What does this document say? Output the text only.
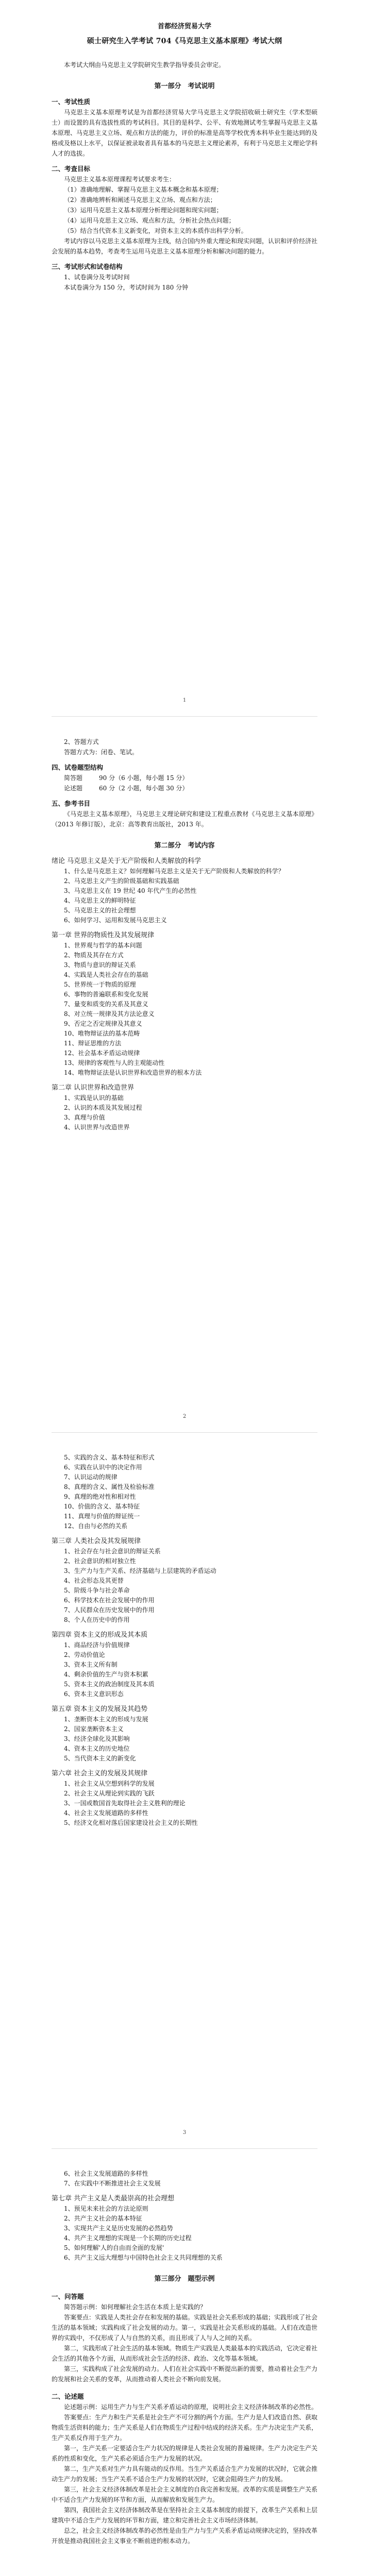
首都经济贸易大学
硕士研究生入学考试 704《马克思主义基本原理》考试大纲
本考试大纲由马克思主义学院研究生教学指导委员会审定。
第一部分　考试说明
一、考试性质
马克思主义基本原理考试是为首都经济贸易大学马克思主义学院招收硕士研究生（学术型硕士）而设置的具有选拔性质的考试科目。其目的是科学、公平、有效地测试考生掌握马克思主义基本原理、马克思主义立场、观点和方法的能力，评价的标准是高等学校优秀本科毕业生能达到的及格或及格以上水平，以保证被录取者具有基本的马克思主义理论素养，有利于马克思主义理论学科人才的选拔。
二、考查目标
马克思主义基本原理课程考试要求考生：
（1）准确地理解、掌握马克思主义基本概念和基本原理；
（2）准确地辨析和阐述马克思主义立场、观点和方法；
（3）运用马克思主义基本原理分析理论问题和现实问题；
（4）运用马克思主义立场、观点和方法，分析社会热点问题；
（5）结合当代资本主义新变化，对资本主义的本质作出科学分析。
考试内容以马克思主义基本原理为主线，结合国内外重大理论和现实问题，认识和评价经济社会发展的基本趋势，考查考生运用马克思主义基本原理分析和解决问题的能力。
三、考试形式和试卷结构
1、试卷满分及考试时间
本试卷满分为 150 分，考试时间为 180 分钟
1
2、答题方式
答题方式为：闭卷、笔试。
四、试卷题型结构
简答题	90 分（6 小题，每小题 15 分）
论述题	60 分（2 小题，每小题 30 分）
五、参考书目
《马克思主义基本原理》，马克思主义理论研究和建设工程重点教材《马克思主义基本原理》（2013 年修订版），北京：高等教育出版社，2013 年。
第二部分　考试内容
绪论 马克思主义是关于无产阶级和人类解放的科学
1、什么是马克思主义？如何理解马克思主义是关于无产阶级和人类解放的科学？
2、马克思主义产生的阶级基础和实践基础
3、马克思主义在 19 世纪 40 年代产生的必然性
4、马克思主义的鲜明特征
5、马克思主义的社会理想
6、如何学习、运用和发展马克思主义
第一章 世界的物质性及其发展规律
1、世界观与哲学的基本问题
2、物质及其存在方式
3、物质与意识的辩证关系
4、实践是人类社会存在的基础
5、世界统一于物质的原理
6、事物的普遍联系和变化发展
7、量变和质变的关系及其意义
8、对立统一规律及其方法论意义
9、否定之否定规律及其意义
10、唯物辩证法的基本范畴
11、辩证思维的方法
12、社会基本矛盾运动规律
13、规律的客观性与人的主观能动性
14、唯物辩证法是认识世界和改造世界的根本方法
第二章 认识世界和改造世界
1、实践是认识的基础
2、认识的本质及其发展过程
3、真理与价值
4、认识世界与改造世界
2
5、实践的含义、基本特征和形式
6、实践在认识中的决定作用
7、认识运动的规律
8、真理的含义、属性及检验标准
9、真理的绝对性和相对性
10、价值的含义、基本特征
11、真理与价值的辩证统一
12、自由与必然的关系
第三章 人类社会及其发展规律
1、社会存在与社会意识的辩证关系
2、社会意识的相对独立性
3、生产力与生产关系、经济基础与上层建筑的矛盾运动
4、社会形态及其更替
5、阶级斗争与社会革命
6、科学技术在社会发展中的作用
7、人民群众在历史发展中的作用
8、个人在历史中的作用
第四章 资本主义的形成及其本质
1、商品经济与价值规律
2、劳动价值论
3、资本主义所有制
4、剩余价值的生产与资本积累
5、资本主义的政治制度及其本质
6、资本主义意识形态
第五章 资本主义的发展及其趋势
1、垄断资本主义的形成与发展
2、国家垄断资本主义
3、经济全球化及其影响
4、资本主义的历史地位
5、当代资本主义的新变化
第六章 社会主义的发展及其规律
1、社会主义从空想到科学的发展
2、社会主义从理论到实践的飞跃
3、一国或数国首先取得社会主义胜利的理论
4、社会主义发展道路的多样性
5、经济文化相对落后国家建设社会主义的长期性
3
6、社会主义发展道路的多样性
7、在实践中不断推进社会主义发展
第七章 共产主义是人类最崇高的社会理想
1、预见未来社会的方法论原则
2、共产主义社会的基本特征
3、实现共产主义是历史发展的必然趋势
4、共产主义理想的实现是一个长期的历史过程
5、如何理解'人的自由而全面的发展'
6、共产主义远大理想与中国特色社会主义共同理想的关系
第三部分　题型示例
一、问答题
简答题示例：如何理解社会生活在本质上是实践的？
答案要点：实践是人类社会存在和发展的基础。实践是社会关系形成的基础；实践形成了社会生活的基本领域；实践构成了社会发展的动力。第一，实践是社会关系形成的基础。人们在改造世界的实践中，不仅形成了人与自然的关系，而且形成了人与人之间的关系。
第二，实践形成了社会生活的基本领域。物质生产实践是人类最基本的实践活动，它决定着社会生活的其他各个方面，从而形成社会生活的经济、政治、文化等基本领域。
第三，实践构成了社会发展的动力。人们在社会实践中不断提出新的需要，推动着社会生产力的发展和社会关系的变革，从而推动着人类社会不断向前发展。
二、论述题
论述题示例：运用生产力与生产关系矛盾运动的原理，说明社会主义经济体制改革的必然性。
答案要点：生产力和生产关系是社会生产不可分割的两个方面。生产力是人们改造自然、获取物质生活资料的能力；生产关系是人们在物质生产过程中结成的经济关系。生产力决定生产关系，生产关系反作用于生产力。
第一，生产关系一定要适合生产力状况的规律是人类社会发展的普遍规律。生产力决定生产关系的性质和变化，生产关系必须适合生产力发展的状况。
第二，生产关系对生产力具有能动的反作用。当生产关系适合生产力发展的状况时，它就会推动生产力的发展；当生产关系不适合生产力发展的状况时，它就会阻碍生产力的发展。
第三，社会主义经济体制改革是社会主义制度的自我完善和发展。改革的实质是调整生产关系中不适合生产力发展的环节和方面，从而解放和发展生产力。
第四，我国社会主义经济体制改革是在坚持社会主义基本制度的前提下，改革生产关系和上层建筑中不适合生产力发展的环节和方面，建立和完善社会主义市场经济体制。
总之，社会主义经济体制改革的必然性是由生产力与生产关系矛盾运动规律决定的，坚持改革开放是推动我国社会主义事业不断前进的根本动力。
